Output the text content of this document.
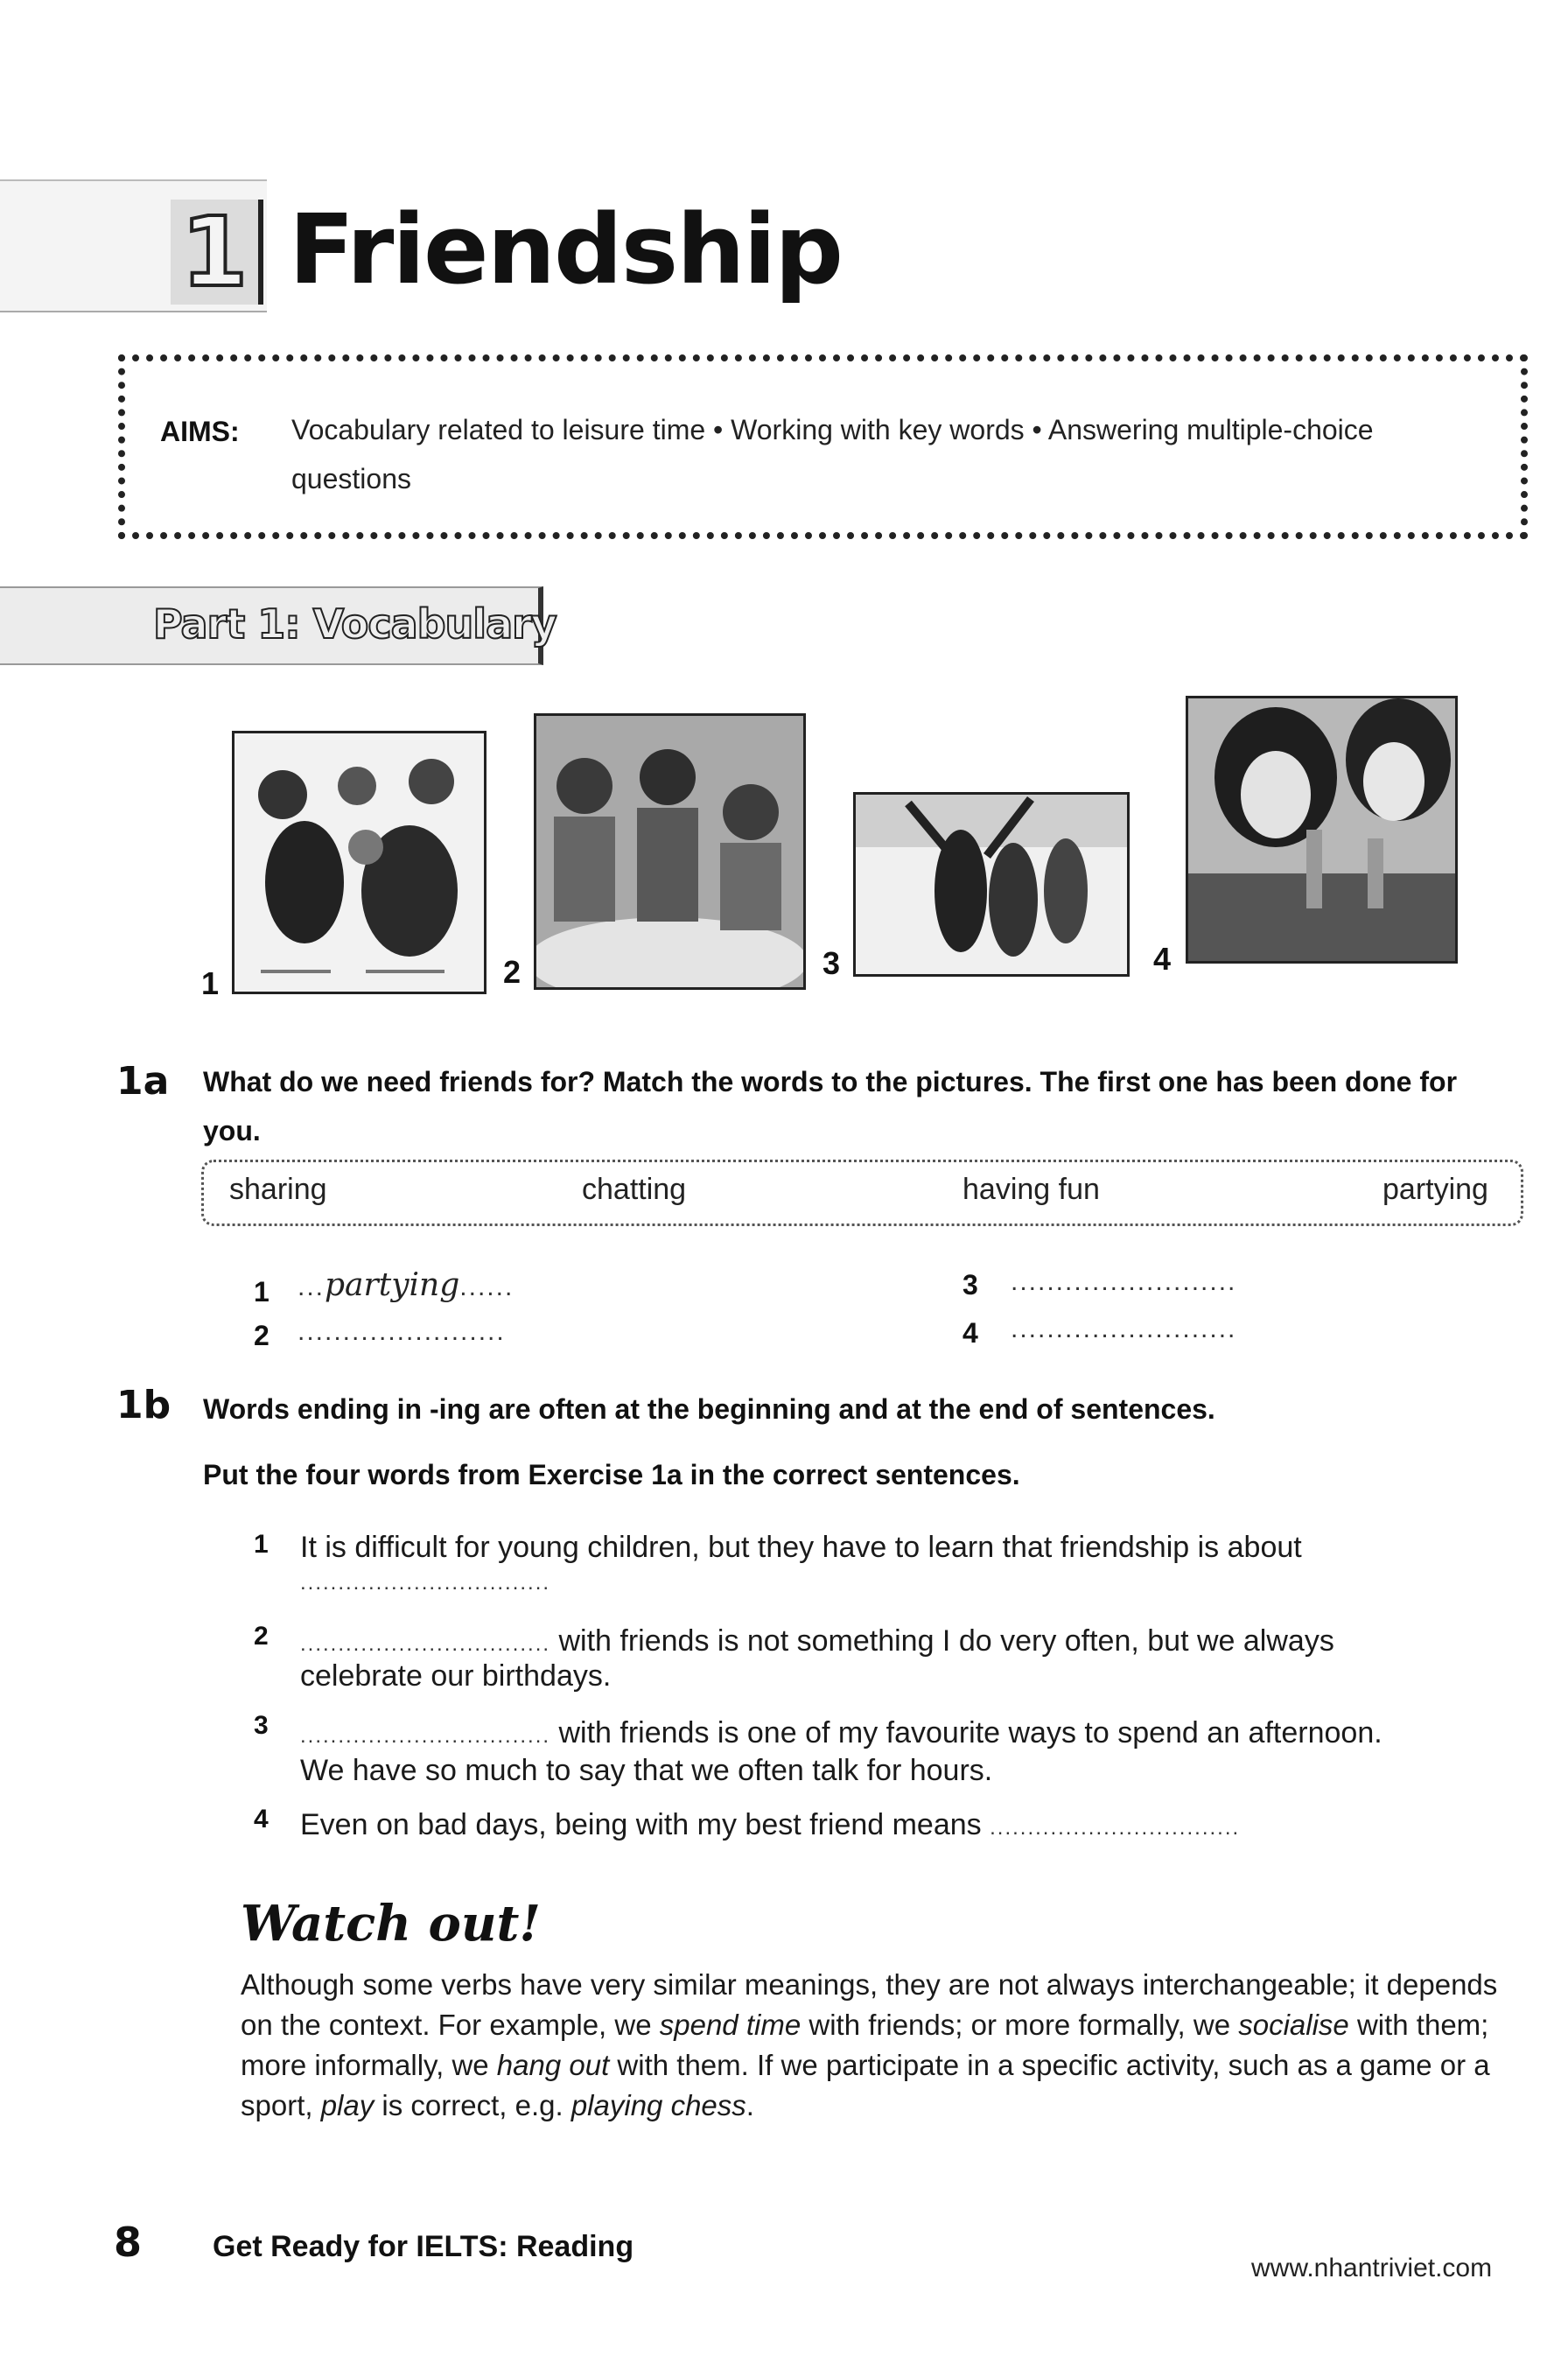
1 Friendship
AIMS: Vocabulary related to leisure time • Working with key words • Answering multiple-choice questions
Part 1: Vocabulary
1	2	3	4
1a What do we need friends for? Match the words to the pictures. The first one has been done for you.
sharing	chatting	having fun	partying
1 ...partying......
2 .......................
3 .........................
4 .........................
1b Words ending in -ing are often at the beginning and at the end of sentences.
Put the four words from Exercise 1a in the correct sentences.
1 It is difficult for young children, but they have to learn that friendship is about
.................................
2 ................................. with friends is not something I do very often, but we always
celebrate our birthdays.
3 ................................. with friends is one of my favourite ways to spend an afternoon.
We have so much to say that we often talk for hours.
4 Even on bad days, being with my best friend means .................................
Watch out!
Although some verbs have very similar meanings, they are not always interchangeable; it depends on the context. For example, we spend time with friends; or more formally, we socialise with them; more informally, we hang out with them. If we participate in a specific activity, such as a game or a sport, play is correct, e.g. playing chess.
8 Get Ready for IELTS: Reading
www.nhantriviet.com
